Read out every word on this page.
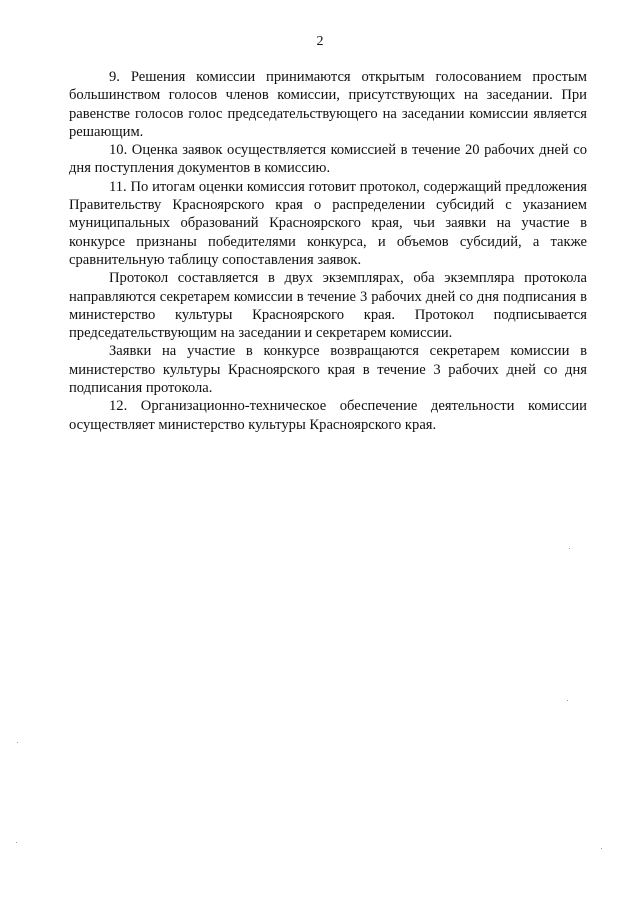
2

9. Решения комиссии принимаются открытым голосованием простым большинством голосов членов комиссии, присутствующих на заседании. При равенстве голосов голос председательствующего на заседании комиссии является решающим.

10. Оценка заявок осуществляется комиссией в течение 20 рабочих дней со дня поступления документов в комиссию.

11. По итогам оценки комиссия готовит протокол, содержащий предложения Правительству Красноярского края о распределении субсидий с указанием муниципальных образований Красноярского края, чьи заявки на участие в конкурсе признаны победителями конкурса, и объемов субсидий, а также сравнительную таблицу сопоставления заявок.

Протокол составляется в двух экземплярах, оба экземпляра протокола направляются секретарем комиссии в течение 3 рабочих дней со дня подписания в министерство культуры Красноярского края. Протокол подписывается председательствующим на заседании и секретарем комиссии.

Заявки на участие в конкурсе возвращаются секретарем комиссии в министерство культуры Красноярского края в течение 3 рабочих дней со дня подписания протокола.

12. Организационно-техническое обеспечение деятельности комиссии осуществляет министерство культуры Красноярского края.
